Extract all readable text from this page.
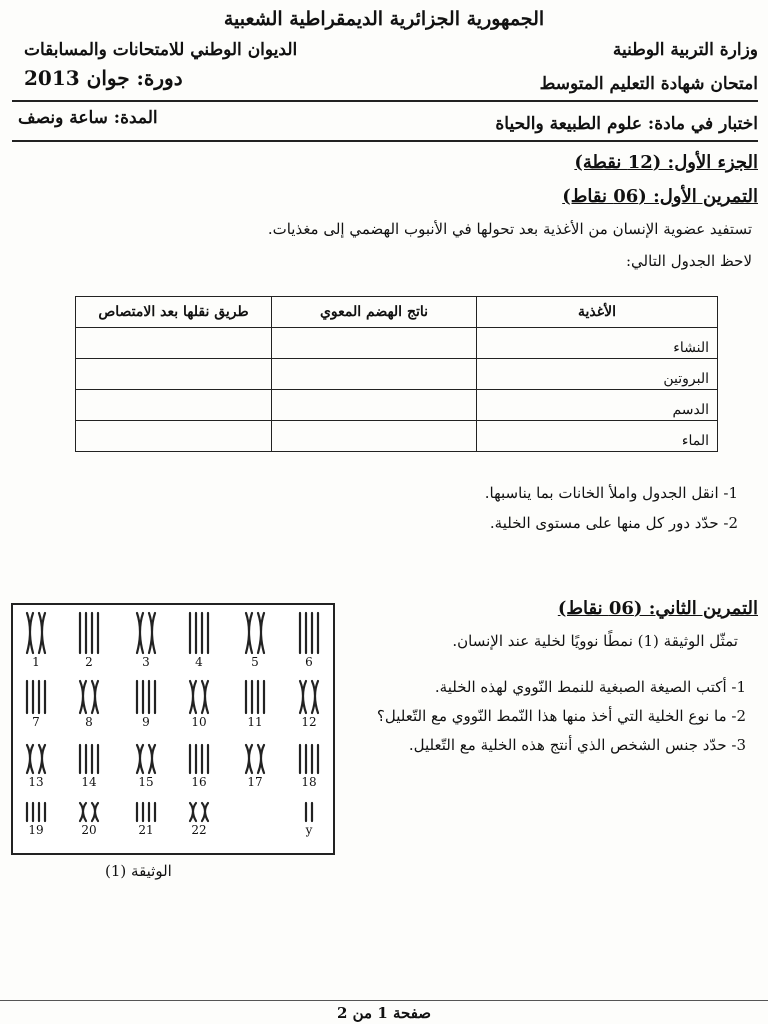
الجمهورية الجزائرية الديمقراطية الشعبية
وزارة التربية الوطنية
الديوان الوطني للامتحانات والمسابقات
امتحان شهادة التعليم المتوسط
دورة: جوان 2013
اختبار في مادة: علوم الطبيعة والحياة
المدة: ساعة ونصف
الجزء الأول: (12 نقطة)
التمرين الأول: (06 نقاط)
تستفيد عضوية الإنسان من الأغذية بعد تحولها في الأنبوب الهضمي إلى مغذيات.
لاحظ الجدول التالي:
الأغذية	ناتج الهضم المعوي	طريق نقلها بعد الامتصاص
النشاء		
البروتين		
الدسم		
الماء		
1- انقل الجدول واملأ الخانات بما يناسبها.
2- حدّد دور كل منها على مستوى الخلية.
التمرين الثاني: (06 نقاط)
تمثّل الوثيقة (1) نمطًا نوويًا لخلية عند الإنسان.
1- أكتب الصيغة الصبغية للنمط النّووي لهذه الخلية.
2- ما نوع الخلية التي أخذ منها هذا النّمط النّووي مع التّعليل؟
3- حدّد جنس الشخص الذي أنتج هذه الخلية مع التّعليل.
1	2	3	4	5	6
7	8	9	10	11	12
13	14	15	16	17	18
19	20	21	22	y
الوثيقة (1)
صفحة 1 من 2
